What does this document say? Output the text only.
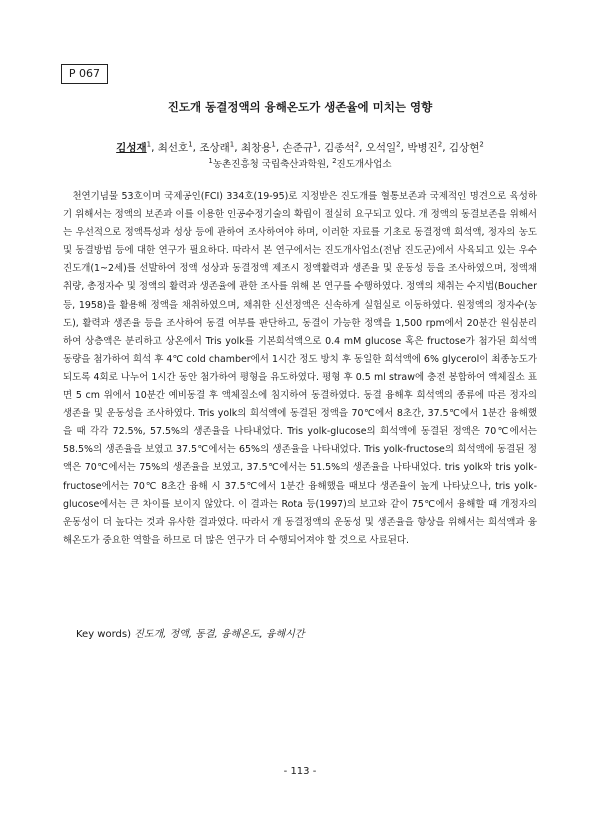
P 067
진도개 동결정액의 융해온도가 생존율에 미치는 영향
김성재$^1$, 최선호$^1$, 조상래$^1$, 최창용$^1$, 손준규$^1$, 김종석$^2$, 오석일$^2$, 박병진$^2$, 김상현$^2$
$^1$농촌진흥청 국립축산과학원, $^2$진도개사업소

천연기념물 53호이며 국제공인(FCI) 334호(19-95)로 지정받은 진도개를 혈통보존과 국제적인 명견으로 육성하기 위해서는 정액의 보존과 이를 이용한 인공수정기술의 확립이 절실히 요구되고 있다. 개 정액의 동결보존을 위해서는 우선적으로 정액특성과 성상 등에 관하여 조사하여야 하며, 이러한 자료를 기초로 동결정액 희석액, 정자의 농도 및 동결방법 등에 대한 연구가 필요하다. 따라서 본 연구에서는 진도개사업소(전남 진도군)에서 사육되고 있는 우수 진도개(1~2세)를 선발하여 정액 성상과 동결정액 제조시 정액활력과 생존율 및 운동성 등을 조사하였으며, 정액채취량, 총정자수 및 정액의 활력과 생존율에 관한 조사를 위해 본 연구를 수행하였다. 정액의 채취는 수지법(Boucher 등, 1958)을 활용해 정액을 채취하였으며, 채취한 신선정액은 신속하게 실험실로 이동하였다. 원정액의 정자수(농도), 활력과 생존율 등을 조사하여 동결 여부를 판단하고, 동결이 가능한 정액을 1,500 rpm에서 20분간 원심분리하여 상층액은 분리하고 상온에서 Tris yolk를 기본희석액으로 0.4 mM glucose 혹은 fructose가 첨가된 희석액 동량을 첨가하여 희석 후 4℃ cold chamber에서 1시간 정도 방치 후 동일한 희석액에 6% glycerol이 최종농도가 되도록 4회로 나누어 1시간 동안 첨가하여 평형을 유도하였다. 평형 후 0.5 ml straw에 충전 봉합하여 액체질소 표면 5 cm 위에서 10분간 예비동결 후 액체질소에 침지하여 동결하였다. 동결 융해후 희석액의 종류에 따른 정자의 생존율 및 운동성을 조사하였다. Tris yolk의 희석액에 동결된 정액을 70℃에서 8초간, 37.5℃에서 1분간 융해했을 때 각각 72.5%, 57.5%의 생존율을 나타내었다. Tris yolk-glucose의 희석액에 동결된 정액은 70℃에서는 58.5%의 생존율을 보였고 37.5℃에서는 65%의 생존율을 나타내었다. Tris yolk-fructose의 희석액에 동결된 정액은 70℃에서는 75%의 생존율을 보였고, 37.5℃에서는 51.5%의 생존율을 나타내었다. tris yolk와 tris yolk-fructose에서는 70℃ 8초간 융해 시 37.5℃에서 1분간 융해했을 때보다 생존율이 높게 나타났으나, tris yolk-glucose에서는 큰 차이를 보이지 않았다. 이 결과는 Rota 등(1997)의 보고와 같이 75℃에서 융해할 때 개정자의 운동성이 더 높다는 것과 유사한 결과였다. 따라서 개 동결정액의 운동성 및 생존율을 향상을 위해서는 희석액과 융해온도가 중요한 역할을 하므로 더 많은 연구가 더 수행되어져야 할 것으로 사료된다.

Key words) 진도개, 정액, 동결, 융해온도, 융해시간
- 113 -
